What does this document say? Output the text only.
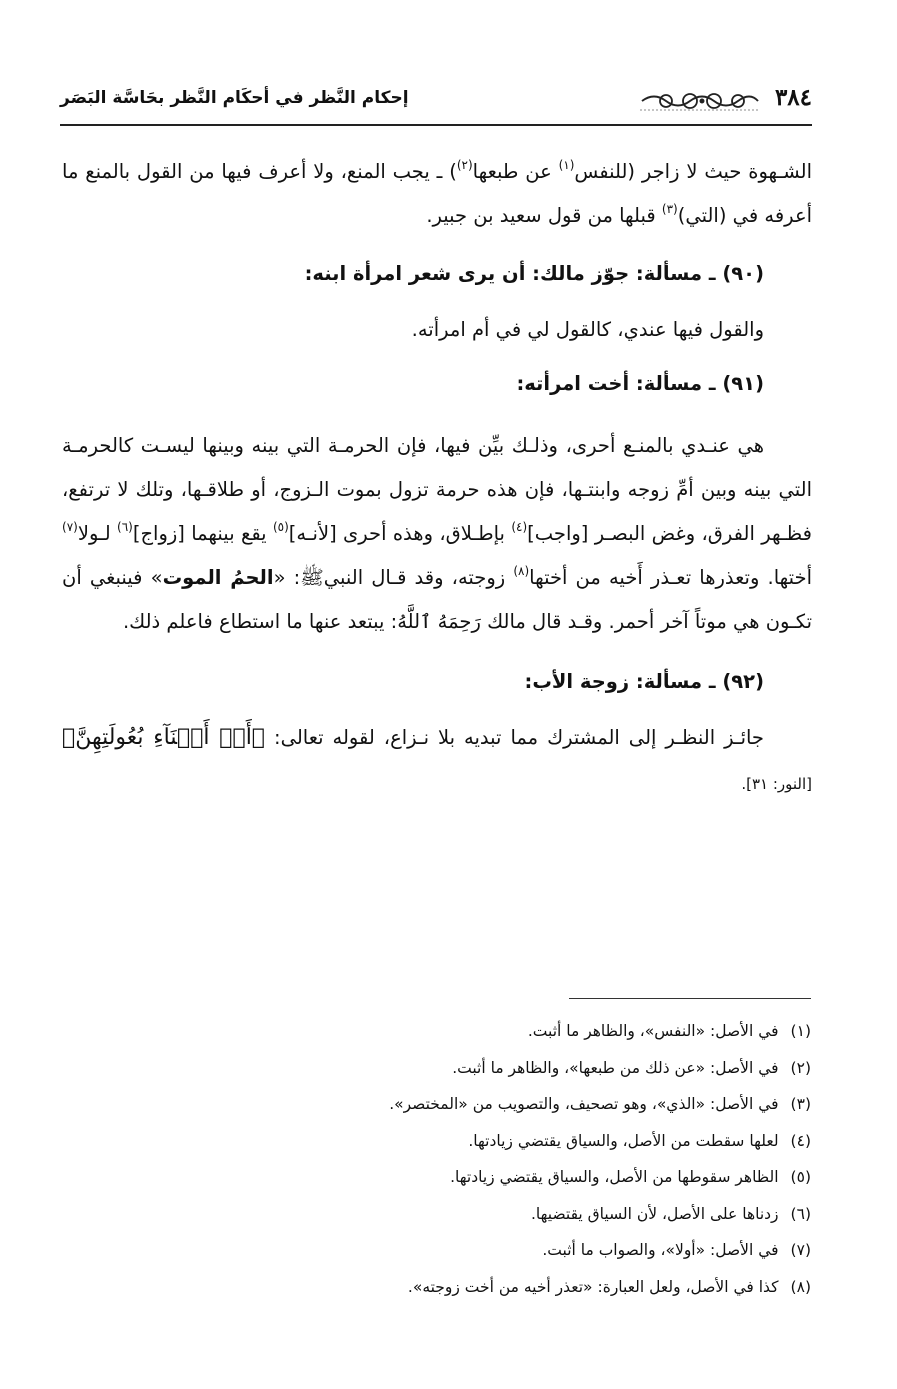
٣٨٤
إحكام النَّظر في أحكَام النَّظر بحَاسَّة البَصَر

الشـهوة حيث لا زاجر (للنفس$^{(١)}$ عن طبعها$^{(٢)}$) ـ يجب المنع، ولا أعرف فيها من القول بالمنع ما أعرفه في (التي)$^{(٣)}$ قبلها من قول سعيد بن جبير.

(٩٠) ـ مسألة: جوّز مالك: أن يرى شعر امرأة ابنه:

والقول فيها عندي، كالقول لي في أم امرأته.

(٩١) ـ مسألة: أخت امرأته:

هي عنـدي بالمنـع أحرى، وذلـك بيِّن فيها، فإن الحرمـة التي بينه وبينها ليسـت كالحرمـة التي بينه وبين أمِّ زوجه وابنتـها، فإن هذه حرمة تزول بموت الـزوج، أو طلاقـها، وتلك لا ترتفع، فظـهر الفرق، وغض البصـر [واجب]$^{(٤)}$ بإطـلاق، وهذه أحرى [لأنـه]$^{(٥)}$ يقع بينهما [زواج]$^{(٦)}$ لـولا$^{(٧)}$ أختها. وتعذرها تعـذر أَخيه من أختها$^{(٨)}$ زوجته، وقد قـال النبيﷺ: «الحمُ الموت» فينبغي أن تكـون هي موتاً آخر أحمر. وقـد قال مالك رَحِمَهُ ٱللَّهُ: يبتعد عنها ما استطاع فاعلم ذلك.

(٩٢) ـ مسألة: زوجة الأب:

جائـز النظـر إلى المشترك مما تبديه بلا نـزاع، لقوله تعالى: ﴿أَوۡ أَبۡنَآءِ بُعُولَتِهِنَّ﴾ [النور: ٣١].

(١)في الأصل: «النفس»، والظاهر ما أثبت.
(٢)في الأصل: «عن ذلك من طبعها»، والظاهر ما أثبت.
(٣)في الأصل: «الذي»، وهو تصحيف، والتصويب من «المختصر».
(٤)لعلها سقطت من الأصل، والسياق يقتضي زيادتها.
(٥)الظاهر سقوطها من الأصل، والسياق يقتضي زيادتها.
(٦)زدناها على الأصل، لأن السياق يقتضيها.
(٧)في الأصل: «أولا»، والصواب ما أثبت.
(٨)كذا في الأصل، ولعل العبارة: «تعذر أخيه من أخت زوجته».
